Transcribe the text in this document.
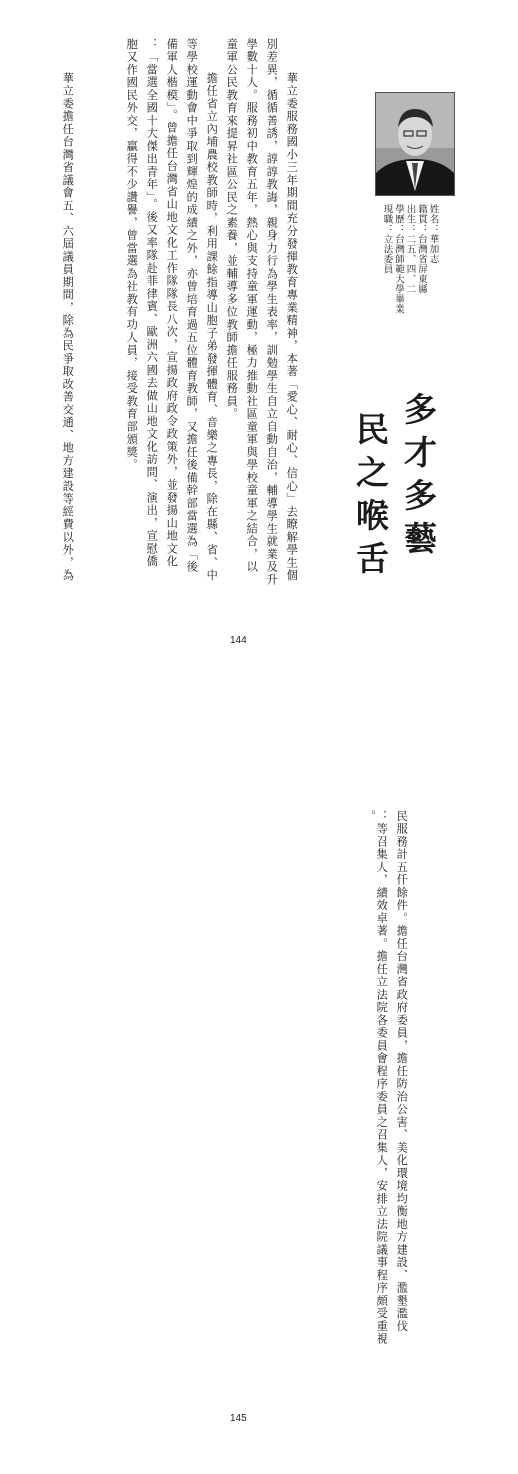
姓名：華加志
籍貫：台灣省屏東縣
出生：二五、四、二
學歷：台灣師範大學畢業
現職：立法委員
多才多藝
民之喉舌
華立委服務國小三年期間充分發揮教育專業精神，本著「愛心、耐心、信心」去瞭解學生個
別差異，循循善誘，諄諄教誨，親身力行為學生表率，訓勉學生自立自動自治，輔導學生就業及升
學數十人。服務初中教育五年，熱心與支持童軍運動，極力推動社區童軍與學校童軍之結合，以
童軍公民教育來提昇社區公民之素養，並輔導多位教師擔任服務員。
擔任省立內埔農校教師時，利用課餘指導山胞子弟發揮體育、音樂之專長，除在縣、省、中
等學校運動會中爭取到輝煌的成績之外，亦曾培育過五位體育教師，又擔任後備幹部當選為「後
備軍人楷模」。曾擔任台灣省山地文化工作隊隊長八次，宣揚政府政令政策外，並發揚山地文化
：「當選全國十大傑出青年」。後又率隊赴菲律賓、歐洲六國去做山地文化訪問、演出，宣慰僑
胞又作國民外交，贏得不少讚譽，曾當選為社教有功人員，接受教育部頒獎。
華立委擔任台灣省議會五、六屆議員期間，除為民爭取改善交通、地方建設等經費以外，為
144
​
民服務計五仟餘件。擔任台灣省政府委員，擔任防治公害、美化環境均衡地方建設、濫墾濫伐
：等召集人，績效卓著。擔任立法院各委員會程序委員之召集人，安排立法院議事程序頗受重視
。
145
